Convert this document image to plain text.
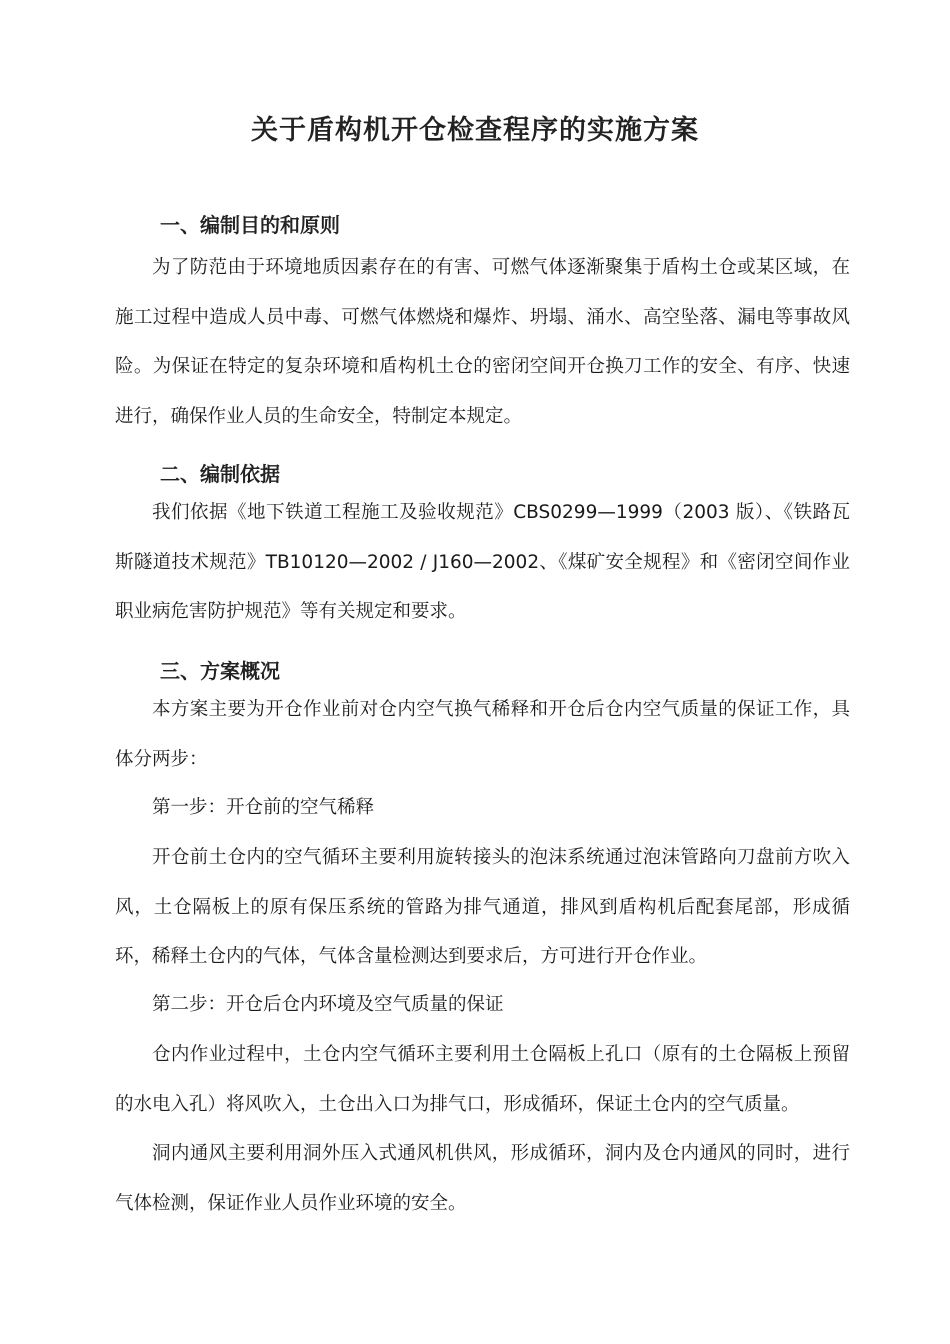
关于盾构机开仓检查程序的实施方案
一、编制目的和原则

为了防范由于环境地质因素存在的有害、可燃气体逐渐聚集于盾构土仓或某区域，在施工过程中造成人员中毒、可燃气体燃烧和爆炸、坍塌、涌水、高空坠落、漏电等事故风险。为保证在特定的复杂环境和盾构机土仓的密闭空间开仓换刀工作的安全、有序、快速进行，确保作业人员的生命安全，特制定本规定。

二、编制依据

我们依据《地下铁道工程施工及验收规范》CBS0299—1999（2003 版）、《铁路瓦斯隧道技术规范》TB10120—2002 / J160—2002、《煤矿安全规程》和《密闭空间作业职业病危害防护规范》等有关规定和要求。

三、方案概况

本方案主要为开仓作业前对仓内空气换气稀释和开仓后仓内空气质量的保证工作，具体分两步：

第一步：开仓前的空气稀释

开仓前土仓内的空气循环主要利用旋转接头的泡沫系统通过泡沫管路向刀盘前方吹入风，土仓隔板上的原有保压系统的管路为排气通道，排风到盾构机后配套尾部，形成循环，稀释土仓内的气体，气体含量检测达到要求后，方可进行开仓作业。

第二步：开仓后仓内环境及空气质量的保证

仓内作业过程中，土仓内空气循环主要利用土仓隔板上孔口（原有的土仓隔板上预留的水电入孔）将风吹入，土仓出入口为排气口，形成循环，保证土仓内的空气质量。

洞内通风主要利用洞外压入式通风机供风，形成循环，洞内及仓内通风的同时，进行气体检测，保证作业人员作业环境的安全。
